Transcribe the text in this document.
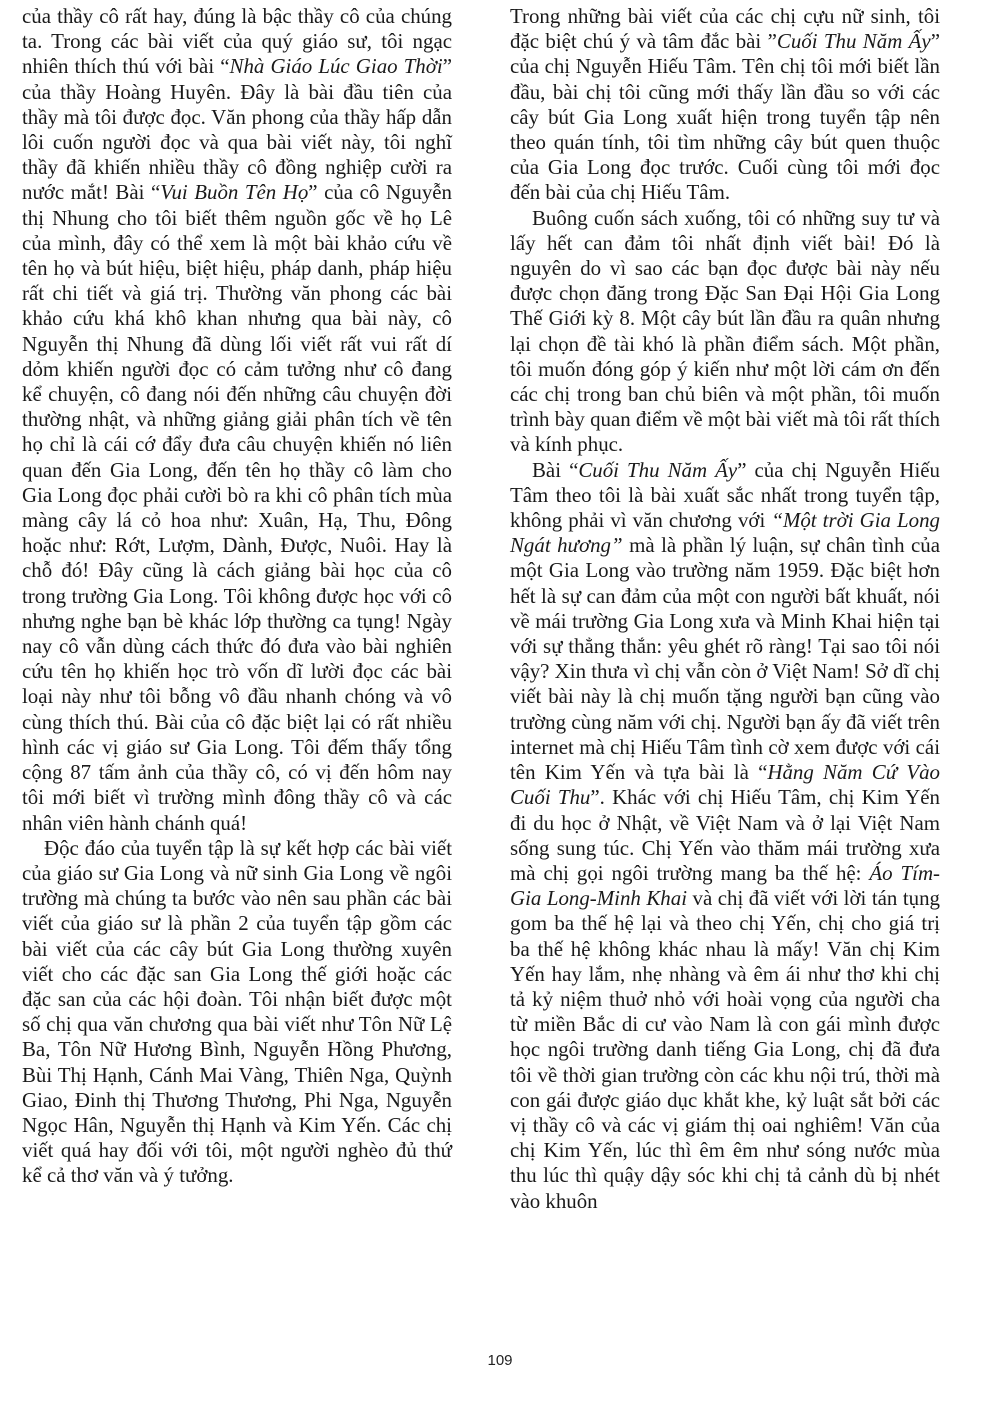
của thầy cô rất hay, đúng là bậc thầy cô của chúng ta. Trong các bài viết của quý giáo sư, tôi ngạc nhiên thích thú với bài “Nhà Giáo Lúc Giao Thời” của thầy Hoàng Huyên. Đây là bài đầu tiên của thầy mà tôi được đọc. Văn phong của thầy hấp dẫn lôi cuốn người đọc và qua bài viết này, tôi nghĩ thầy đã khiến nhiều thầy cô đồng nghiệp cười ra nước mắt! Bài “Vui Buồn Tên Họ” của cô Nguyễn thị Nhung cho tôi biết thêm nguồn gốc về họ Lê của mình, đây có thể xem là một bài khảo cứu về tên họ và bút hiệu, biệt hiệu, pháp danh, pháp hiệu rất chi tiết và giá trị. Thường văn phong các bài khảo cứu khá khô khan nhưng qua bài này, cô Nguyễn thị Nhung đã dùng lối viết rất vui rất dí dỏm khiến người đọc có cảm tưởng như cô đang kể chuyện, cô đang nói đến những câu chuyện đời thường nhật, và những giảng giải phân tích về tên họ chỉ là cái cớ đẩy đưa câu chuyện khiến nó liên quan đến Gia Long, đến tên họ thầy cô làm cho Gia Long đọc phải cười bò ra khi cô phân tích mùa màng cây lá cỏ hoa như: Xuân, Hạ, Thu, Đông hoặc như: Rớt, Lượm, Dành, Được, Nuôi. Hay là chỗ đó! Đây cũng là cách giảng bài học của cô trong trường Gia Long. Tôi không được học với cô nhưng nghe bạn bè khác lớp thường ca tụng! Ngày nay cô vẫn dùng cách thức đó đưa vào bài nghiên cứu tên họ khiến học trò vốn dĩ lười đọc các bài loại này như tôi bỗng vô đầu nhanh chóng và vô cùng thích thú. Bài của cô đặc biệt lại có rất nhiều hình các vị giáo sư Gia Long. Tôi đếm thấy tổng cộng 87 tấm ảnh của thầy cô, có vị đến hôm nay tôi mới biết vì trường mình đông thầy cô và các nhân viên hành chánh quá!

Độc đáo của tuyển tập là sự kết hợp các bài viết của giáo sư Gia Long và nữ sinh Gia Long về ngôi trường mà chúng ta bước vào nên sau phần các bài viết của giáo sư là phần 2 của tuyển tập gồm các bài viết của các cây bút Gia Long thường xuyên viết cho các đặc san Gia Long thế giới hoặc các đặc san của các hội đoàn. Tôi nhận biết được một số chị qua văn chương qua bài viết như Tôn Nữ Lệ Ba, Tôn Nữ Hương Bình, Nguyễn Hồng Phương, Bùi Thị Hạnh, Cánh Mai Vàng, Thiên Nga, Quỳnh Giao, Đinh thị Thương Thương, Phi Nga, Nguyễn Ngọc Hân, Nguyễn thị Hạnh và Kim Yến. Các chị viết quá hay đối với tôi, một người nghèo đủ thứ kể cả thơ văn và ý tưởng.

Trong những bài viết của các chị cựu nữ sinh, tôi đặc biệt chú ý và tâm đắc bài ”Cuối Thu Năm Ấy” của chị Nguyễn Hiếu Tâm. Tên chị tôi mới biết lần đầu, bài chị tôi cũng mới thấy lần đầu so với các cây bút Gia Long xuất hiện trong tuyển tập nên theo quán tính, tôi tìm những cây bút quen thuộc của Gia Long đọc trước. Cuối cùng tôi mới đọc đến bài của chị Hiếu Tâm.

Buông cuốn sách xuống, tôi có những suy tư và lấy hết can đảm tôi nhất định viết bài! Đó là nguyên do vì sao các bạn đọc được bài này nếu được chọn đăng trong Đặc San Đại Hội Gia Long Thế Giới kỳ 8. Một cây bút lần đầu ra quân nhưng lại chọn đề tài khó là phần điểm sách. Một phần, tôi muốn đóng góp ý kiến như một lời cám ơn đến các chị trong ban chủ biên và một phần, tôi muốn trình bày quan điểm về một bài viết mà tôi rất thích và kính phục.

Bài “Cuối Thu Năm Ấy” của chị Nguyễn Hiếu Tâm theo tôi là bài xuất sắc nhất trong tuyển tập, không phải vì văn chương với “Một trời Gia Long Ngát hương” mà là phần lý luận, sự chân tình của một Gia Long vào trường năm 1959. Đặc biệt hơn hết là sự can đảm của một con người bất khuất, nói về mái trường Gia Long xưa và Minh Khai hiện tại với sự thẳng thắn: yêu ghét rõ ràng! Tại sao tôi nói vậy? Xin thưa vì chị vẫn còn ở Việt Nam! Sở dĩ chị viết bài này là chị muốn tặng người bạn cũng vào trường cùng năm với chị. Người bạn ấy đã viết trên internet mà chị Hiếu Tâm tình cờ xem được với cái tên Kim Yến và tựa bài là “Hằng Năm Cứ Vào Cuối Thu”. Khác với chị Hiếu Tâm, chị Kim Yến đi du học ở Nhật, về Việt Nam và ở lại Việt Nam sống sung túc. Chị Yến vào thăm mái trường xưa mà chị gọi ngôi trường mang ba thế hệ: Áo Tím-Gia Long-Minh Khai và chị đã viết với lời tán tụng gom ba thế hệ lại và theo chị Yến, chị cho giá trị ba thế hệ không khác nhau là mấy! Văn chị Kim Yến hay lắm, nhẹ nhàng và êm ái như thơ khi chị tả kỷ niệm thuở nhỏ với hoài vọng của người cha từ miền Bắc di cư vào Nam là con gái mình được học ngôi trường danh tiếng Gia Long, chị đã đưa tôi về thời gian trường còn các khu nội trú, thời mà con gái được giáo dục khắt khe, kỷ luật sắt bởi các vị thầy cô và các vị giám thị oai nghiêm! Văn của chị Kim Yến, lúc thì êm êm như sóng nước mùa thu lúc thì quậy dậy sóc khi chị tả cảnh dù bị nhét vào khuôn

109
